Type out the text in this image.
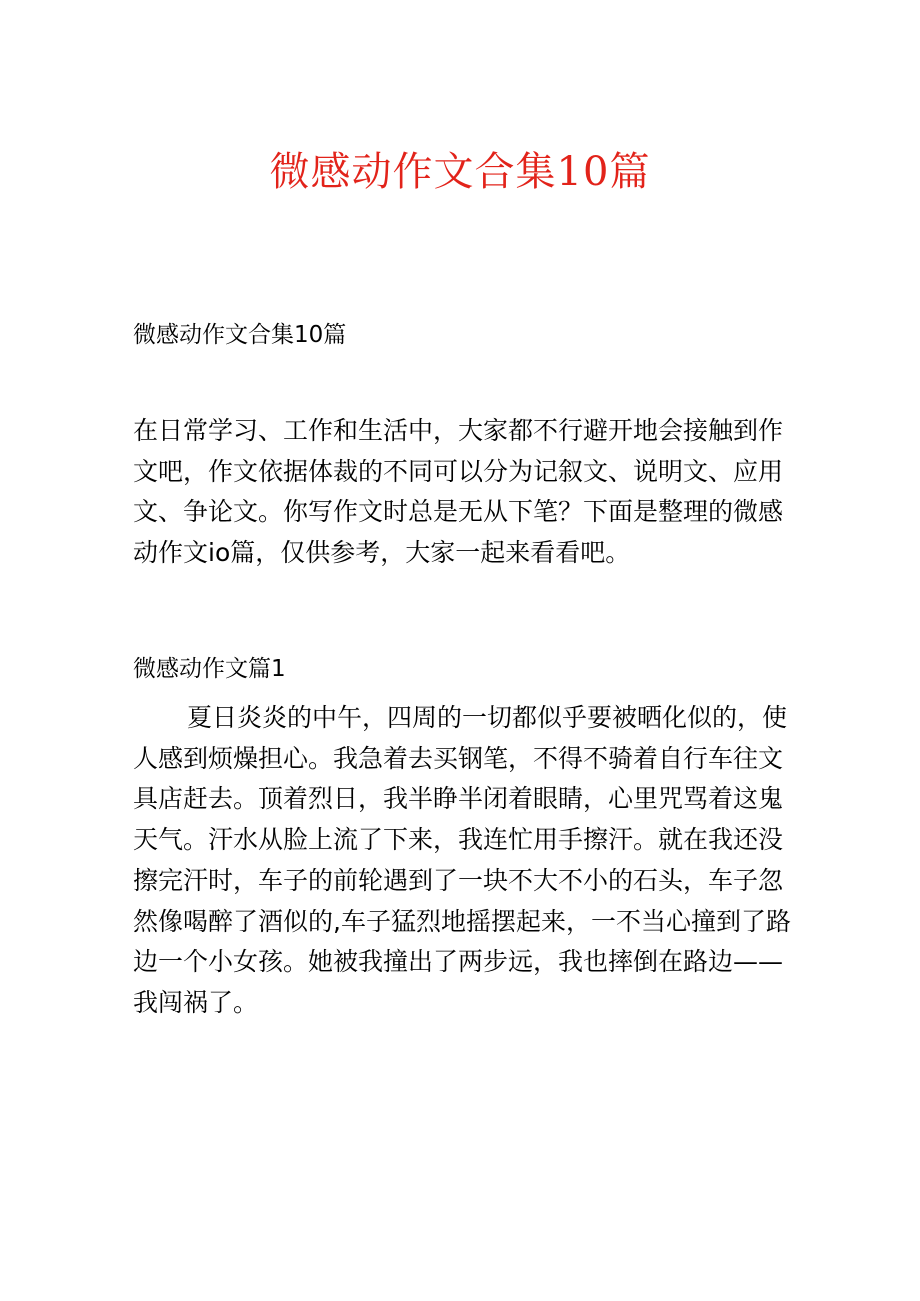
微感动作文合集10篇
微感动作文合集10篇

在日常学习、工作和生活中，大家都不行避开地会接触到作文吧，作文依据体裁的不同可以分为记叙文、说明文、应用文、争论文。你写作文时总是无从下笔？下面是整理的微感动作文io篇，仅供参考，大家一起来看看吧。

微感动作文篇1

夏日炎炎的中午，四周的一切都似乎要被晒化似的，使人感到烦燥担心。我急着去买钢笔，不得不骑着自行车往文具店赶去。顶着烈日，我半睁半闭着眼睛，心里咒骂着这鬼天气。汗水从脸上流了下来，我连忙用手擦汗。就在我还没擦完汗时，车子的前轮遇到了一块不大不小的石头，车子忽然像喝醉了酒似的,车子猛烈地摇摆起来，一不当心撞到了路边一个小女孩。她被我撞出了两步远，我也摔倒在路边——我闯祸了。
